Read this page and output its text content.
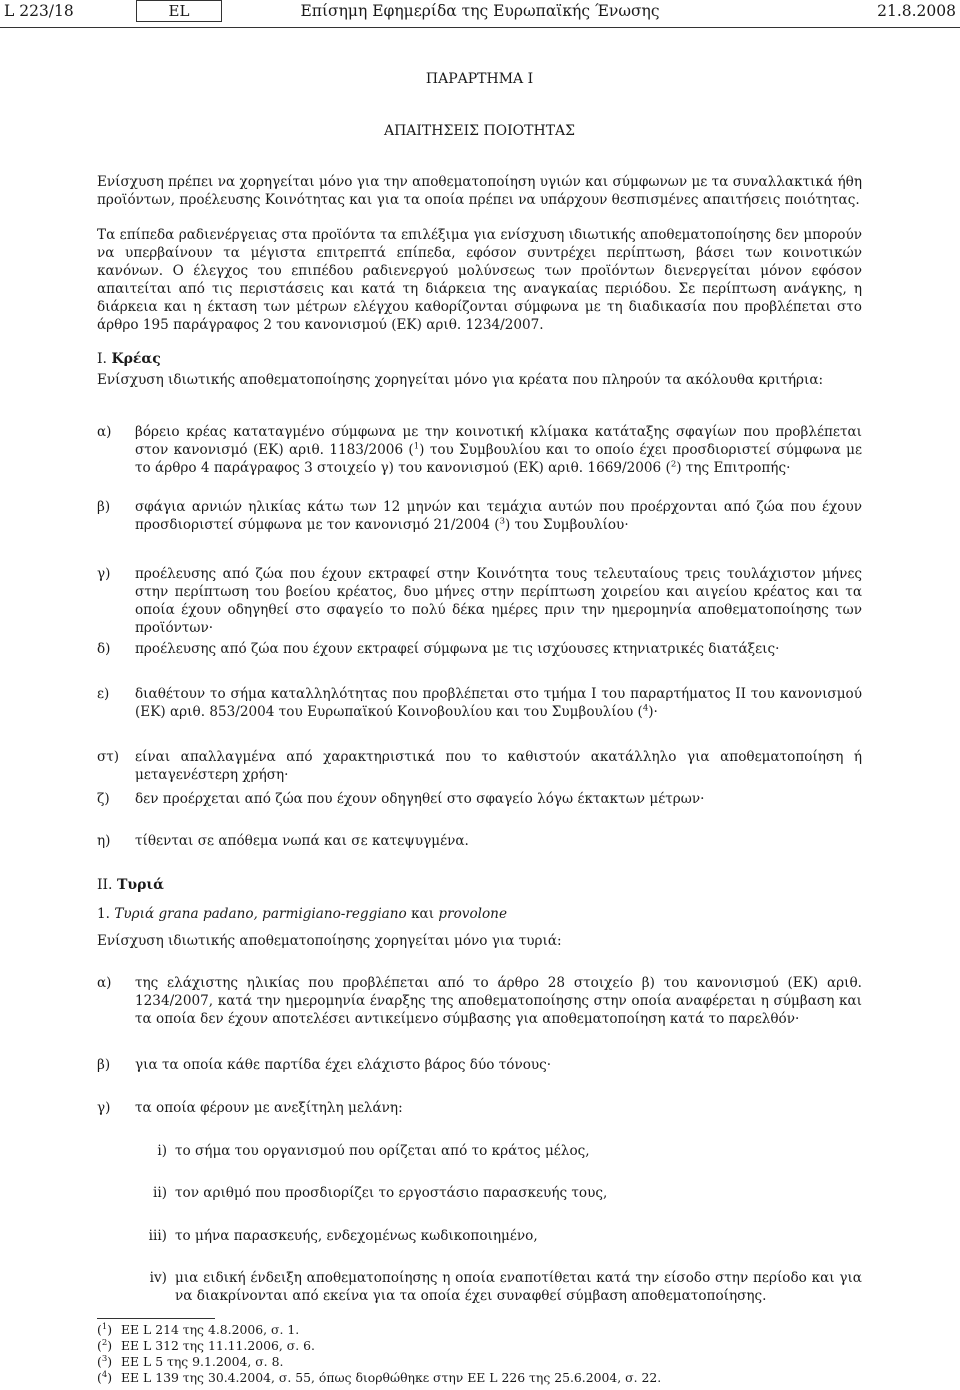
L 223/18	EL	Επίσημη Εφημερίδα της Ευρωπαϊκής Ένωσης	21.8.2008
ΠΑΡΑΡΤΗΜΑ I
ΑΠΑΙΤΗΣΕΙΣ ΠΟΙΟΤΗΤΑΣ
Ενίσχυση πρέπει να χορηγείται μόνο για την αποθεματοποίηση υγιών και σύμφωνων με τα συναλλακτικά ήθη προϊόντων, προέλευσης Κοινότητας και για τα οποία πρέπει να υπάρχουν θεσπισμένες απαιτήσεις ποιότητας.
Τα επίπεδα ραδιενέργειας στα προϊόντα τα επιλέξιμα για ενίσχυση ιδιωτικής αποθεματοποίησης δεν μπορούν να υπερβαίνουν τα μέγιστα επιτρεπτά επίπεδα, εφόσον συντρέχει περίπτωση, βάσει των κοινοτικών κανόνων. Ο έλεγχος του επιπέδου ραδιενεργού μολύνσεως των προϊόντων διενεργείται μόνον εφόσον απαιτείται από τις περιστάσεις και κατά τη διάρκεια της αναγκαίας περιόδου. Σε περίπτωση ανάγκης, η διάρκεια και η έκταση των μέτρων ελέγχου καθορίζονται σύμφωνα με τη διαδικασία που προβλέπεται στο άρθρο 195 παράγραφος 2 του κανονισμού (ΕΚ) αριθ. 1234/2007.
I. Κρέας
Ενίσχυση ιδιωτικής αποθεματοποίησης χορηγείται μόνο για κρέατα που πληρούν τα ακόλουθα κριτήρια:
α) βόρειο κρέας καταταγμένο σύμφωνα με την κοινοτική κλίμακα κατάταξης σφαγίων που προβλέπεται στον κανονισμό (ΕΚ) αριθ. 1183/2006 ($^1$) του Συμβουλίου και το οποίο έχει προσδιοριστεί σύμφωνα με το άρθρο 4 παράγραφος 3 στοιχείο γ) του κανονισμού (ΕΚ) αριθ. 1669/2006 ($^2$) της Επιτροπής·
β) σφάγια αρνιών ηλικίας κάτω των 12 μηνών και τεμάχια αυτών που προέρχονται από ζώα που έχουν προσδιοριστεί σύμφωνα με τον κανονισμό 21/2004 ($^3$) του Συμβουλίου·
γ) προέλευσης από ζώα που έχουν εκτραφεί στην Κοινότητα τους τελευταίους τρεις τουλάχιστον μήνες στην περίπτωση του βοείου κρέατος, δυο μήνες στην περίπτωση χοιρείου και αιγείου κρέατος και τα οποία έχουν οδηγηθεί στο σφαγείο το πολύ δέκα ημέρες πριν την ημερομηνία αποθεματοποίησης των προϊόντων·
δ) προέλευσης από ζώα που έχουν εκτραφεί σύμφωνα με τις ισχύουσες κτηνιατρικές διατάξεις·
ε) διαθέτουν το σήμα καταλληλότητας που προβλέπεται στο τμήμα I του παραρτήματος II του κανονισμού (ΕΚ) αριθ. 853/2004 του Ευρωπαϊκού Κοινοβουλίου και του Συμβουλίου ($^4$)·
στ) είναι απαλλαγμένα από χαρακτηριστικά που το καθιστούν ακατάλληλο για αποθεματοποίηση ή μεταγενέστερη χρήση·
ζ) δεν προέρχεται από ζώα που έχουν οδηγηθεί στο σφαγείο λόγω έκτακτων μέτρων·
η) τίθενται σε απόθεμα νωπά και σε κατεψυγμένα.
II. Τυριά
1. Τυριά grana padano, parmigiano-reggiano και provolone
Ενίσχυση ιδιωτικής αποθεματοποίησης χορηγείται μόνο για τυριά:
α) της ελάχιστης ηλικίας που προβλέπεται από το άρθρο 28 στοιχείο β) του κανονισμού (ΕΚ) αριθ. 1234/2007, κατά την ημερομηνία έναρξης της αποθεματοποίησης στην οποία αναφέρεται η σύμβαση και τα οποία δεν έχουν αποτελέσει αντικείμενο σύμβασης για αποθεματοποίηση κατά το παρελθόν·
β) για τα οποία κάθε παρτίδα έχει ελάχιστο βάρος δύο τόνους·
γ) τα οποία φέρουν με ανεξίτηλη μελάνη:
i) το σήμα του οργανισμού που ορίζεται από το κράτος μέλος,
ii) τον αριθμό που προσδιορίζει το εργοστάσιο παρασκευής τους,
iii) το μήνα παρασκευής, ενδεχομένως κωδικοποιημένο,
iv) μια ειδική ένδειξη αποθεματοποίησης η οποία εναποτίθεται κατά την είσοδο στην περίοδο και για να διακρίνονται από εκείνα για τα οποία έχει συναφθεί σύμβαση αποθεματοποίησης.
($^1$) ΕΕ L 214 της 4.8.2006, σ. 1.
($^2$) ΕΕ L 312 της 11.11.2006, σ. 6.
($^3$) ΕΕ L 5 της 9.1.2004, σ. 8.
($^4$) ΕΕ L 139 της 30.4.2004, σ. 55, όπως διορθώθηκε στην ΕΕ L 226 της 25.6.2004, σ. 22.
